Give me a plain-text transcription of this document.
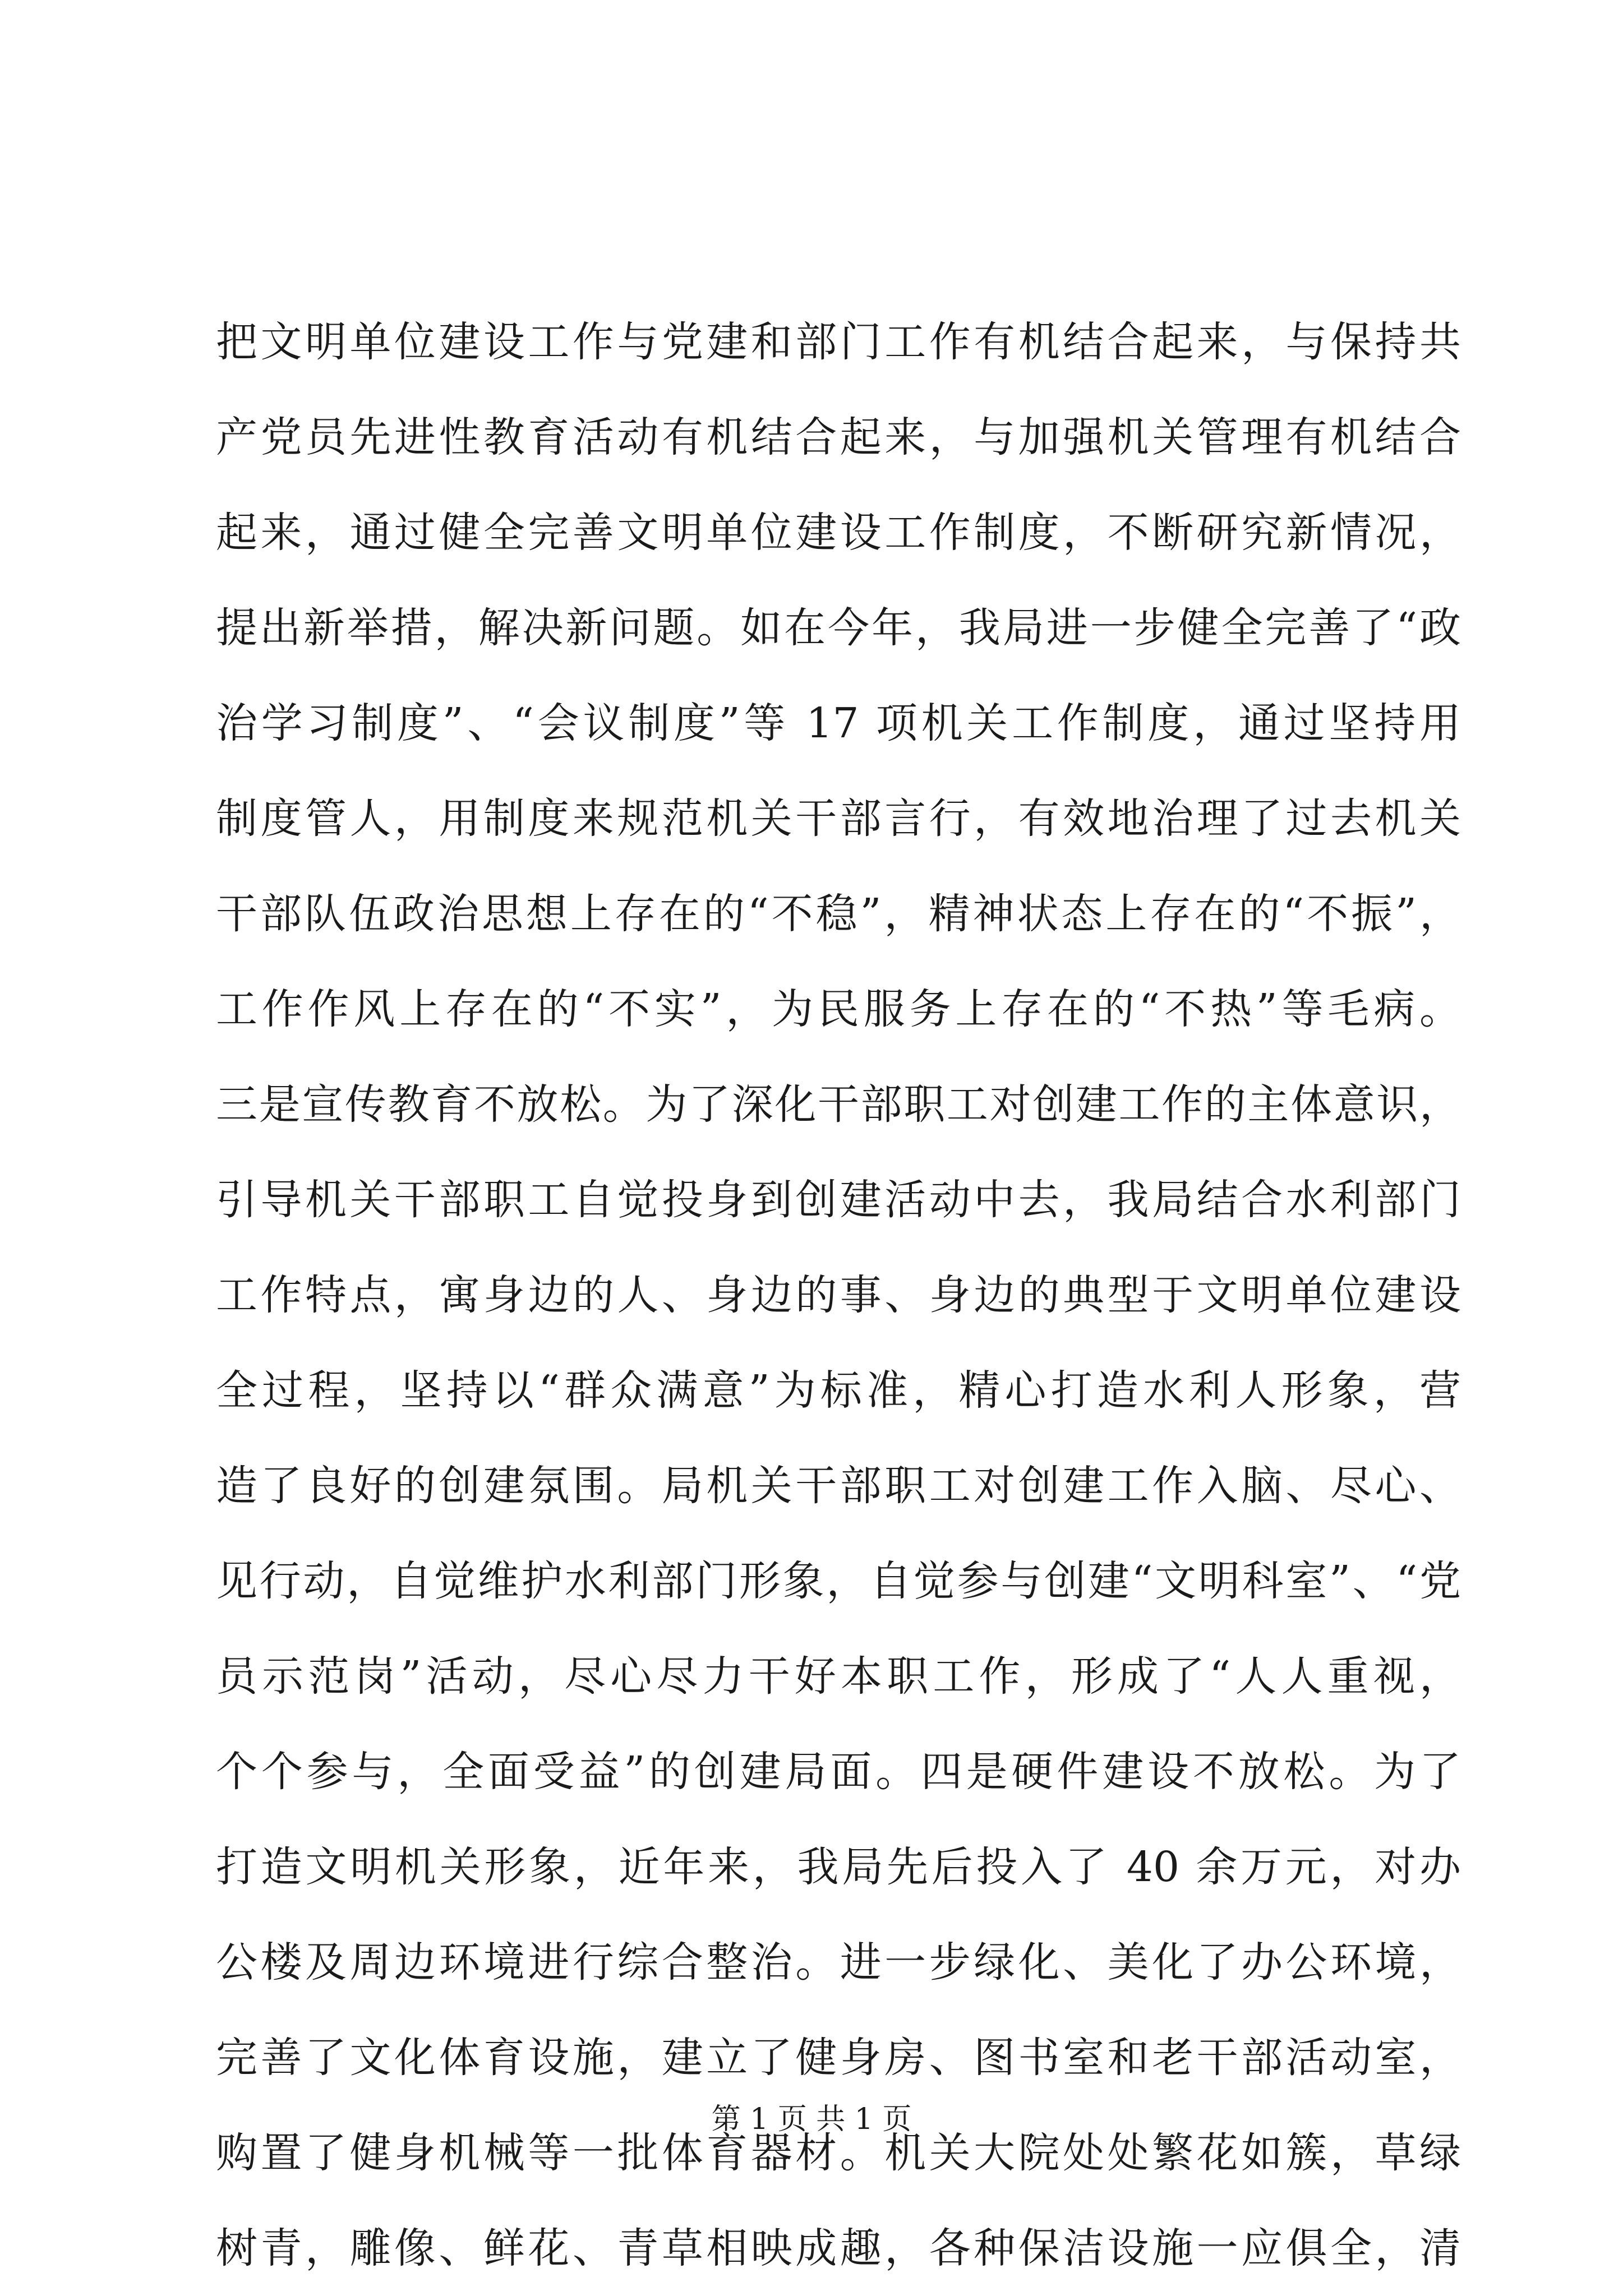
把文明单位建设工作与党建和部门工作有机结合起来，与保持共
产党员先进性教育活动有机结合起来，与加强机关管理有机结合
起来，通过健全完善文明单位建设工作制度，不断研究新情况，
提出新举措，解决新问题。如在今年，我局进一步健全完善了“政
治学习制度”、“会议制度”等 17 项机关工作制度，通过坚持用
制度管人，用制度来规范机关干部言行，有效地治理了过去机关
干部队伍政治思想上存在的“不稳”，精神状态上存在的“不振”，
工作作风上存在的“不实”，为民服务上存在的“不热”等毛病。
三是宣传教育不放松。为了深化干部职工对创建工作的主体意识，
引导机关干部职工自觉投身到创建活动中去，我局结合水利部门
工作特点，寓身边的人、身边的事、身边的典型于文明单位建设
全过程，坚持以“群众满意”为标准，精心打造水利人形象，营
造了良好的创建氛围。局机关干部职工对创建工作入脑、尽心、
见行动，自觉维护水利部门形象，自觉参与创建“文明科室”、“党
员示范岗”活动，尽心尽力干好本职工作，形成了“人人重视，
个个参与，全面受益”的创建局面。四是硬件建设不放松。为了
打造文明机关形象，近年来，我局先后投入了 40 余万元，对办
公楼及周边环境进行综合整治。进一步绿化、美化了办公环境，
完善了文化体育设施，建立了健身房、图书室和老干部活动室，
购置了健身机械等一批体育器材。机关大院处处繁花如簇，草绿
树青，雕像、鲜花、青草相映成趣，各种保洁设施一应俱全，清
第 1 页 共 1 页
